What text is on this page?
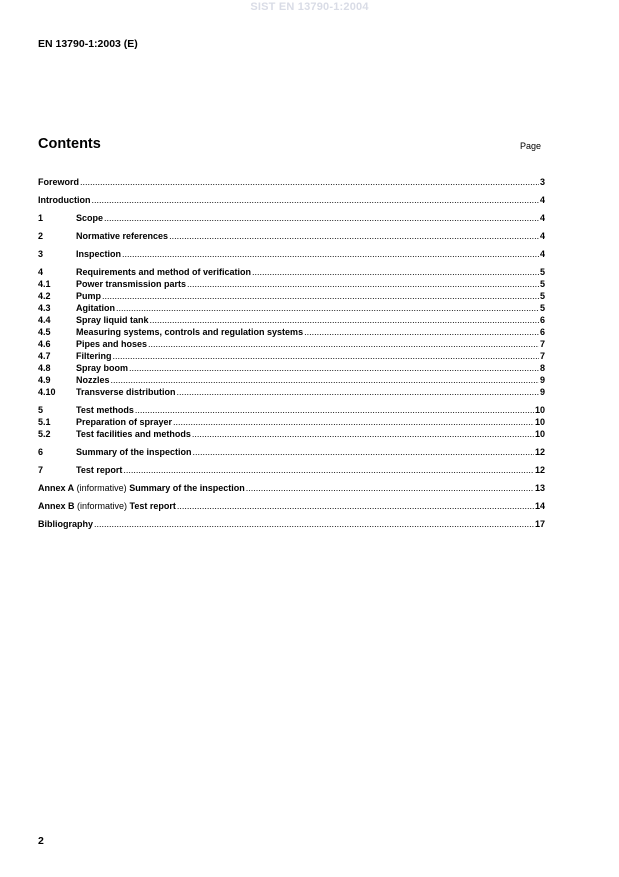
SIST EN 13790-1:2004
EN 13790-1:2003 (E)
Contents	Page
Foreword .....	3
Introduction .....	4
1	Scope .....	4
2	Normative references .....	4
3	Inspection .....	4
4	Requirements and method of verification .....	5
4.1	Power transmission parts .....	5
4.2	Pump .....	5
4.3	Agitation .....	5
4.4	Spray liquid tank .....	6
4.5	Measuring systems, controls and regulation systems .....	6
4.6	Pipes and hoses .....	7
4.7	Filtering .....	7
4.8	Spray boom .....	8
4.9	Nozzles .....	9
4.10	Transverse distribution .....	9
5	Test methods .....	10
5.1	Preparation of sprayer .....	10
5.2	Test facilities and methods .....	10
6	Summary of the inspection .....	12
7	Test report .....	12
Annex A (informative) Summary of the inspection .....	13
Annex B (informative) Test report .....	14
Bibliography .....	17
2
